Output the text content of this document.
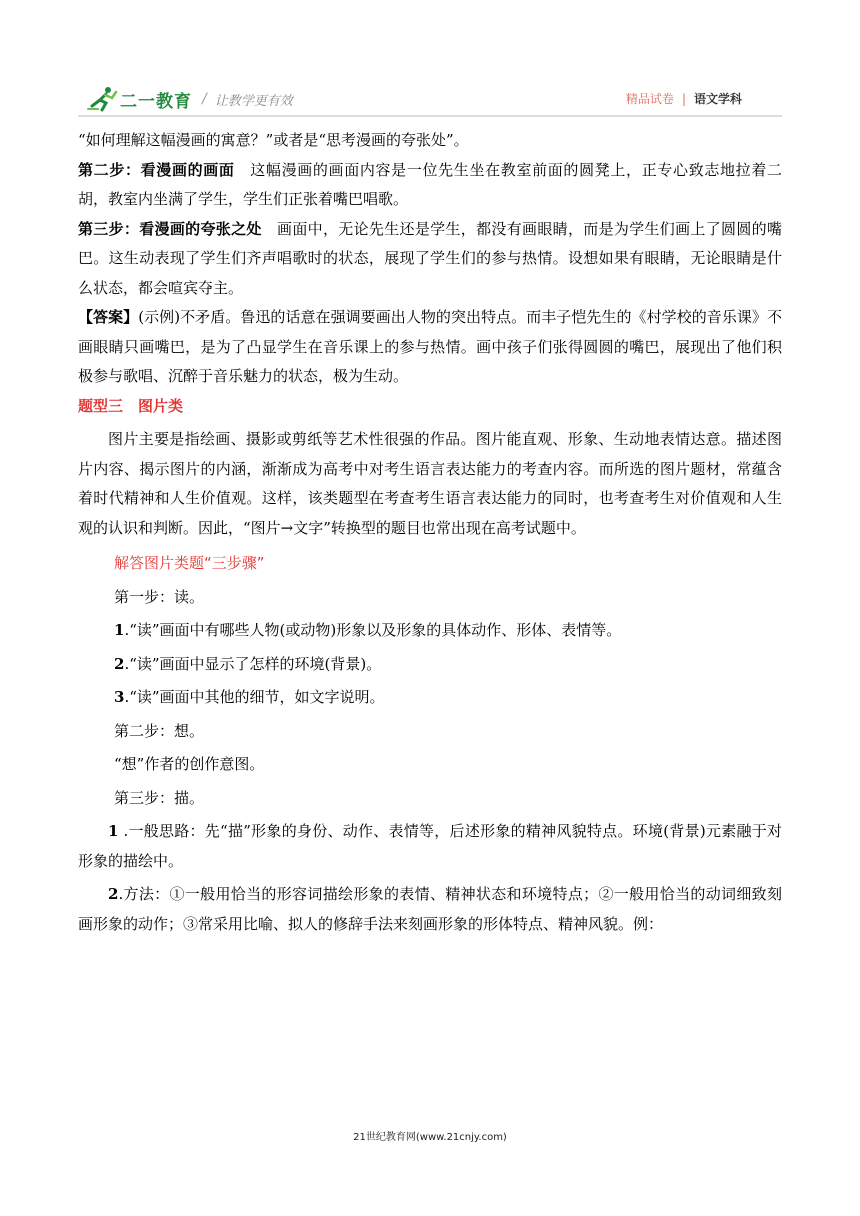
二一教育 / 让教学更有效	精品试卷 | 语文学科

“如何理解这幅漫画的寓意？”或者是“思考漫画的夸张处”。

第二步：看漫画的画面　这幅漫画的画面内容是一位先生坐在教室前面的圆凳上，正专心致志地拉着二胡，教室内坐满了学生，学生们正张着嘴巴唱歌。

第三步：看漫画的夸张之处　画面中，无论先生还是学生，都没有画眼睛，而是为学生们画上了圆圆的嘴巴。这生动表现了学生们齐声唱歌时的状态，展现了学生们的参与热情。设想如果有眼睛，无论眼睛是什么状态，都会喧宾夺主。

【答案】(示例)不矛盾。鲁迅的话意在强调要画出人物的突出特点。而丰子恺先生的《村学校的音乐课》不画眼睛只画嘴巴，是为了凸显学生在音乐课上的参与热情。画中孩子们张得圆圆的嘴巴，展现出了他们积极参与歌唱、沉醉于音乐魅力的状态，极为生动。

题型三　图片类

图片主要是指绘画、摄影或剪纸等艺术性很强的作品。图片能直观、形象、生动地表情达意。描述图片内容、揭示图片的内涵，渐渐成为高考中对考生语言表达能力的考查内容。而所选的图片题材，常蕴含着时代精神和人生价值观。这样，该类题型在考查考生语言表达能力的同时，也考查考生对价值观和人生观的认识和判断。因此，“图片→文字”转换型的题目也常出现在高考试题中。

解答图片类题“三步骤”

第一步：读。

1.“读”画面中有哪些人物(或动物)形象以及形象的具体动作、形体、表情等。

2.“读”画面中显示了怎样的环境(背景)。

3.“读”画面中其他的细节，如文字说明。

第二步：想。

“想”作者的创作意图。

第三步：描。

1 .一般思路：先“描”形象的身份、动作、表情等，后述形象的精神风貌特点。环境(背景)元素融于对形象的描绘中。

2.方法：①一般用恰当的形容词描绘形象的表情、精神状态和环境特点；②一般用恰当的动词细致刻画形象的动作；③常采用比喻、拟人的修辞手法来刻画形象的形体特点、精神风貌。例：

21世纪教育网(www.21cnjy.com)
